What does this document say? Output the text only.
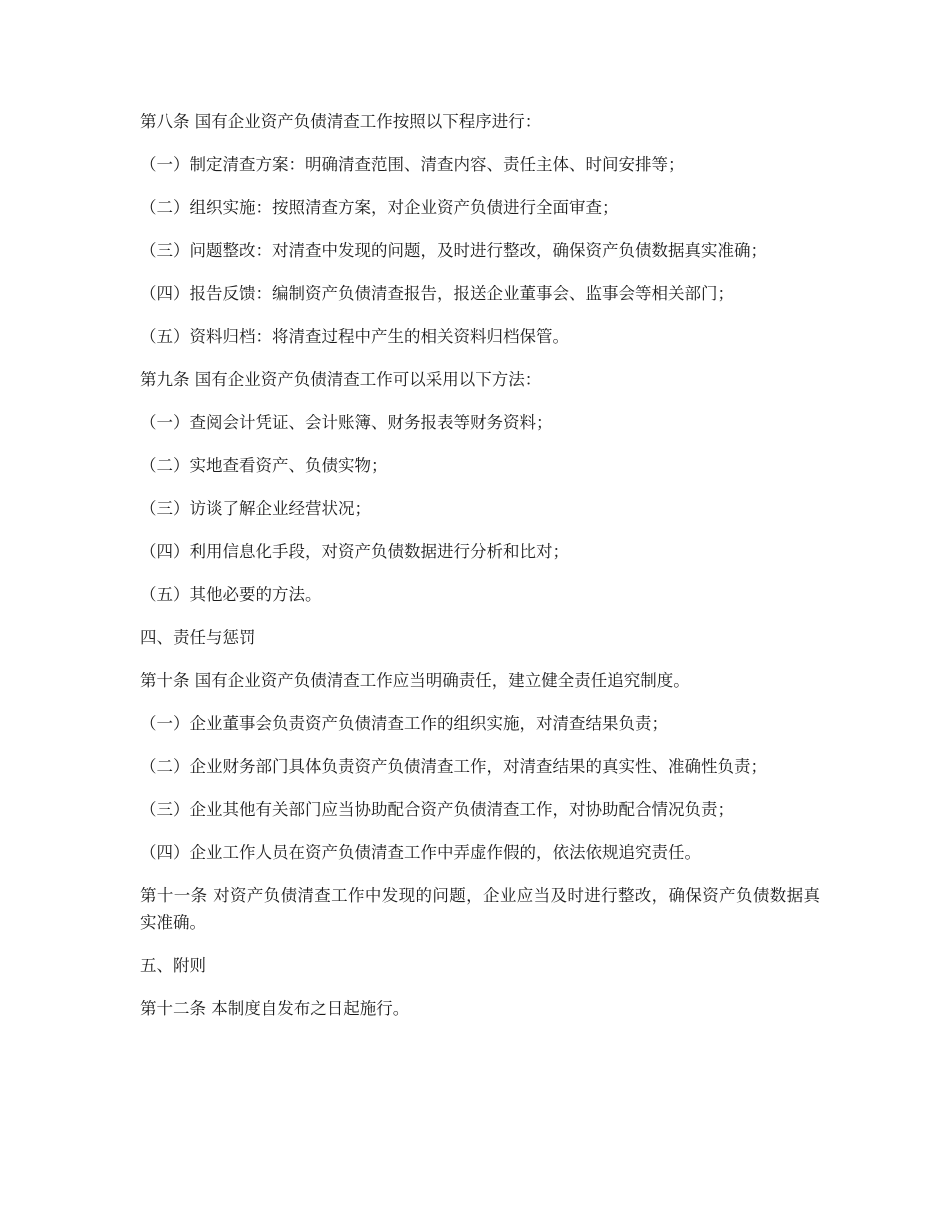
第八条 国有企业资产负债清查工作按照以下程序进行：

（一）制定清查方案：明确清查范围、清查内容、责任主体、时间安排等；

（二）组织实施：按照清查方案，对企业资产负债进行全面审查；

（三）问题整改：对清查中发现的问题，及时进行整改，确保资产负债数据真实准确；

（四）报告反馈：编制资产负债清查报告，报送企业董事会、监事会等相关部门；

（五）资料归档：将清查过程中产生的相关资料归档保管。

第九条 国有企业资产负债清查工作可以采用以下方法：

（一）查阅会计凭证、会计账簿、财务报表等财务资料；

（二）实地查看资产、负债实物；

（三）访谈了解企业经营状况；

（四）利用信息化手段，对资产负债数据进行分析和比对；

（五）其他必要的方法。

四、责任与惩罚

第十条 国有企业资产负债清查工作应当明确责任，建立健全责任追究制度。

（一）企业董事会负责资产负债清查工作的组织实施，对清查结果负责；

（二）企业财务部门具体负责资产负债清查工作，对清查结果的真实性、准确性负责；

（三）企业其他有关部门应当协助配合资产负债清查工作，对协助配合情况负责；

（四）企业工作人员在资产负债清查工作中弄虚作假的，依法依规追究责任。

第十一条 对资产负债清查工作中发现的问题，企业应当及时进行整改，确保资产负债数据真实准确。

五、附则

第十二条 本制度自发布之日起施行。
